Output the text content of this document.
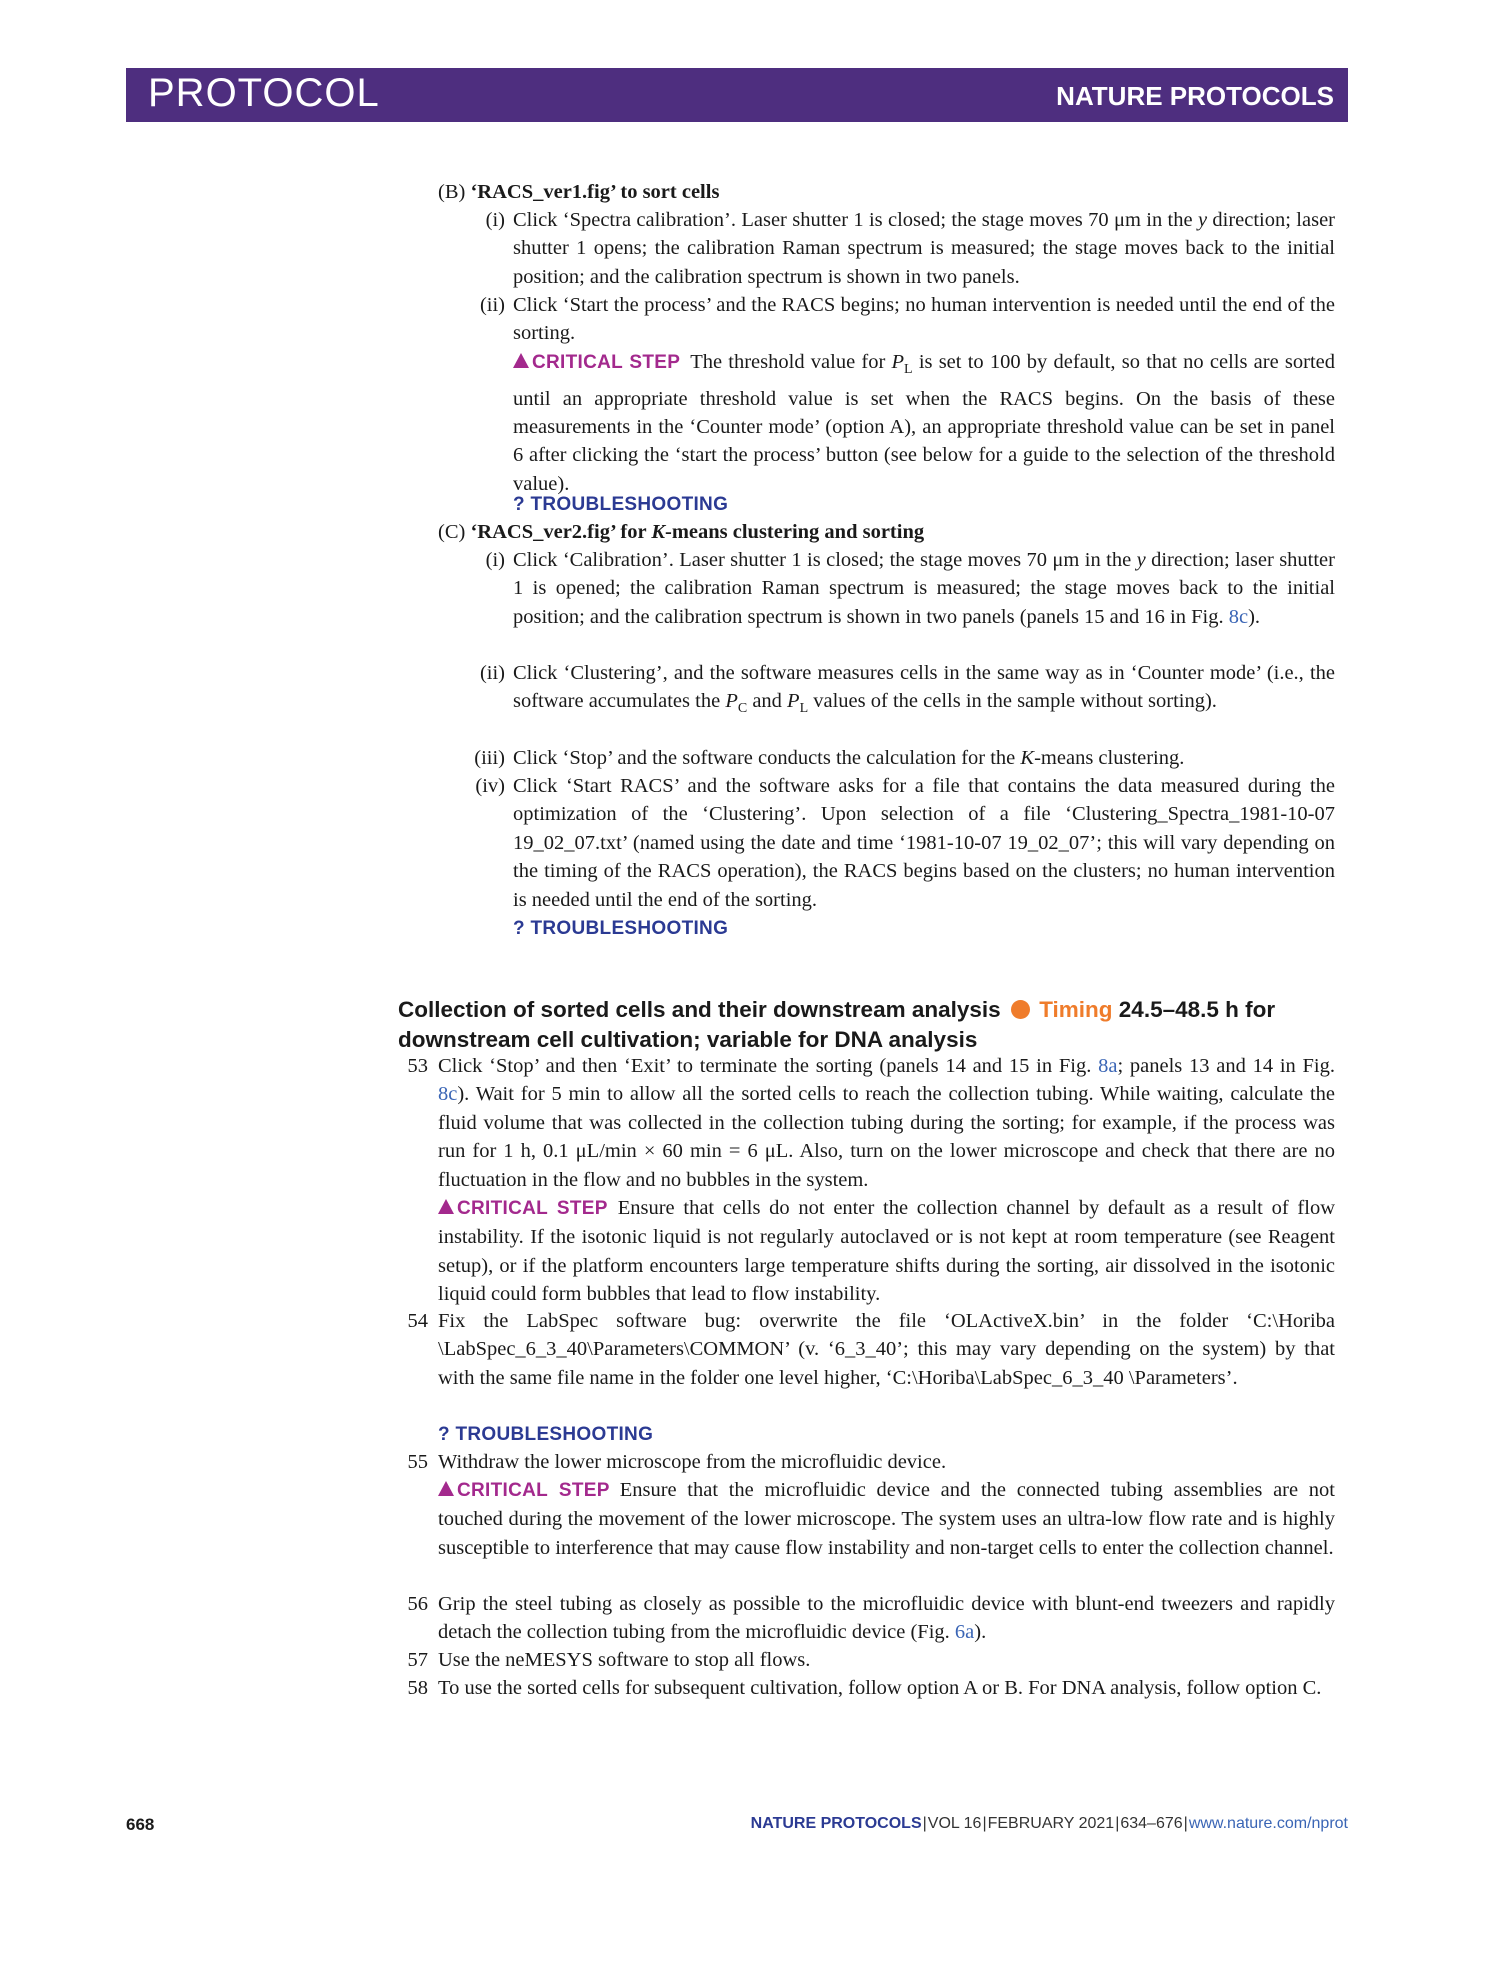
PROTOCOL	NATURE PROTOCOLS
(B) ‘RACS_ver1.fig’ to sort cells
(i) Click ‘Spectra calibration’. Laser shutter 1 is closed; the stage moves 70 μm in the y direction; laser shutter 1 opens; the calibration Raman spectrum is measured; the stage moves back to the initial position; and the calibration spectrum is shown in two panels.
(ii) Click ‘Start the process’ and the RACS begins; no human intervention is needed until the end of the sorting.
CRITICAL STEP The threshold value for $P_L$ is set to 100 by default, so that no cells are sorted until an appropriate threshold value is set when the RACS begins. On the basis of these measurements in the ‘Counter mode’ (option A), an appropriate threshold value can be set in panel 6 after clicking the ‘start the process’ button (see below for a guide to the selection of the threshold value).
? TROUBLESHOOTING
(C) ‘RACS_ver2.fig’ for K-means clustering and sorting
(i) Click ‘Calibration’. Laser shutter 1 is closed; the stage moves 70 μm in the y direction; laser shutter 1 is opened; the calibration Raman spectrum is measured; the stage moves back to the initial position; and the calibration spectrum is shown in two panels (panels 15 and 16 in Fig. 8c).
(ii) Click ‘Clustering’, and the software measures cells in the same way as in ‘Counter mode’ (i.e., the software accumulates the $P_C$ and $P_L$ values of the cells in the sample without sorting).
(iii) Click ‘Stop’ and the software conducts the calculation for the K-means clustering.
(iv) Click ‘Start RACS’ and the software asks for a file that contains the data measured during the optimization of the ‘Clustering’. Upon selection of a file ‘Clustering_Spectra_1981-10-07 19_02_07.txt’ (named using the date and time ‘1981-10-07 19_02_07’; this will vary depending on the timing of the RACS operation), the RACS begins based on the clusters; no human intervention is needed until the end of the sorting.
? TROUBLESHOOTING
Collection of sorted cells and their downstream analysis Timing 24.5–48.5 h for downstream cell cultivation; variable for DNA analysis
53 Click ‘Stop’ and then ‘Exit’ to terminate the sorting (panels 14 and 15 in Fig. 8a; panels 13 and 14 in Fig. 8c). Wait for 5 min to allow all the sorted cells to reach the collection tubing. While waiting, calculate the fluid volume that was collected in the collection tubing during the sorting; for example, if the process was run for 1 h, 0.1 μL/min × 60 min = 6 μL. Also, turn on the lower microscope and check that there are no fluctuation in the flow and no bubbles in the system.
CRITICAL STEP Ensure that cells do not enter the collection channel by default as a result of flow instability. If the isotonic liquid is not regularly autoclaved or is not kept at room temperature (see Reagent setup), or if the platform encounters large temperature shifts during the sorting, air dissolved in the isotonic liquid could form bubbles that lead to flow instability.
54 Fix the LabSpec software bug: overwrite the file ‘OLActiveX.bin’ in the folder ‘C:\Horiba \LabSpec_6_3_40\Parameters\COMMON’ (v. ‘6_3_40’; this may vary depending on the system) by that with the same file name in the folder one level higher, ‘C:\Horiba\LabSpec_6_3_40 \Parameters’.
? TROUBLESHOOTING
55 Withdraw the lower microscope from the microfluidic device.
CRITICAL STEP Ensure that the microfluidic device and the connected tubing assemblies are not touched during the movement of the lower microscope. The system uses an ultra-low flow rate and is highly susceptible to interference that may cause flow instability and non-target cells to enter the collection channel.
56 Grip the steel tubing as closely as possible to the microfluidic device with blunt-end tweezers and rapidly detach the collection tubing from the microfluidic device (Fig. 6a).
57 Use the neMESYS software to stop all flows.
58 To use the sorted cells for subsequent cultivation, follow option A or B. For DNA analysis, follow option C.
668	NATURE PROTOCOLS|VOL 16|FEBRUARY 2021|634–676|www.nature.com/nprot
